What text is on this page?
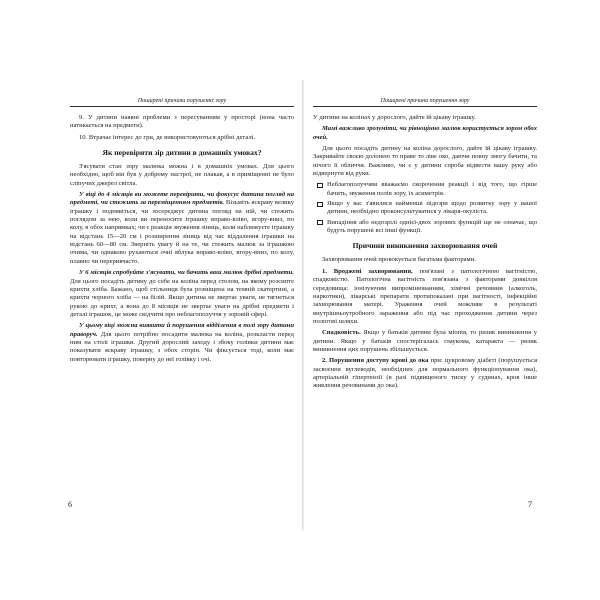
Поширені причини порушеннz зору

9. У дитини наявні проблеми з пересуванням у просторі (вона часто натикається на предмети).

10. Втрачає інтерес до гри, де використовуються дрібні деталі.

Як перевірити зір дитини в домашніх умовах?

З'ясувати стан зору малюка можна і в домашніх умовах. Для цього необхідно, щоб він був у доброму настрої, не плакав, а в приміщенні не було сліпучих джерел світла.

У віці до 4 місяців ви можете перевірити, чи фокусує дитина погляд на предметі, чи стежить за переміщенням предметів. Візьміть яскраву велику іграшку і поднявіться, чи зосереджує дитина погляд на ній, чи стежить поглядом за нею, коли ви переносите іграшку вправо-вліво, вгору-вниз, по колу, в обох напрямках; чи є реакція звуження зіниць, коли наближуєте іграшку на відстань 15—20 см і розширення зіниць від час віддалення іграшки на відстань 60—80 см. Зверніть увагу й на те, чи стежить малюк за іграшкою очима, чи однаково рухаються очні яблука вправо-вліво, вгору-вниз, по колу, плавно чи переривчасто.

У 6 місяців спробуйте з'ясувати, чи бачить ваш малюк дрібні предмети. Для цього посадіть дитину до себе на коліна перед столом, на якому розсипте крихти хліба. Бажано, щоб стільниця була розміщена на темній скатертині, а крихти чорного хліба — на білій. Якщо дитина не звертає уваги, не тягнеться рукою до крихт, а вона до 8 місяців не звертає уваги на дрібні предмети і деталі іграшок, це може свідчити про неблагополуччя у зоровій сфері.

У цьому віці можна виявити й порушення відділення в полі зору дитини праворуч. Для цього потрібно посадити малюка на коліна, розкласти перед ним на столі іграшки. Другий дорослий заходу і збоку голівки дитини має показувати яскраву іграшку, з обох сторін. Чи фіксується тоді, коли має повторювати іграшку, поверну до неї голівку і очі.

Поширені причини порушення зору

У дитини на колінах у дорослого, дайте їй цікаву іграшку.

Мамі важливо зрозуміти, чи рівноцінно малюк користується зором обох очей.

Для цього посадіть дитину на коліна дорослого, дайте їй цікаву іграшку. Закривайте своєю долонею то праве то ліве око, даючи повну змогу бачити, та нічого її обличчя. Важливо, чи є у дитини спроба відвести вашу руку або відвернути від руки.

Неблагополуччям вважаємо скорочення реакції і від того, що гірше бачить, звуження полів зору, їх асиметрія.
Якщо у вас з'явилися найменші підозри щодо розвитку зору у вашої дитини, необхідно проконсультуватися у лікаря-окуліста.
Випадіння або недозрілі однієї-двох зорових функцій ще не означає, що будуть порушені всі інші функції.
Причини виникнення захворювання очей

Захворювання очей провокується багатьма факторами.

1. Вроджені захворювання, пов'язані з патологічною вагітністю, спадковістю. Патологічна вагітність пов'язана з факторами довкілля середовища: іонізуючим випромінюванням, хімічні речовини (алкоголь, наркотики), лікарські препарати протипоказані при вагітності, інфекційні захворювання матері. Ураження очей можливе в результаті внутрішньоутробного зараження або під час проходження дитини через пологові шляхи.

Спадковість. Якщо у батьків дитини була міопія, то ризик виникнення у дитини. Якщо у батьків спостерігалась глаукома, катаракта — ризик виникнення цих порушень збільшується.

2. Порушення доступу крові до ока при: цукровому діабеті (порушується засвоєння вуглеводів, необхідних для нормального функціонування ока), артеріальній гіпертензії (в разі підвищеного тиску у судинах, кров інше живлення речовинами до ока).

6	7
